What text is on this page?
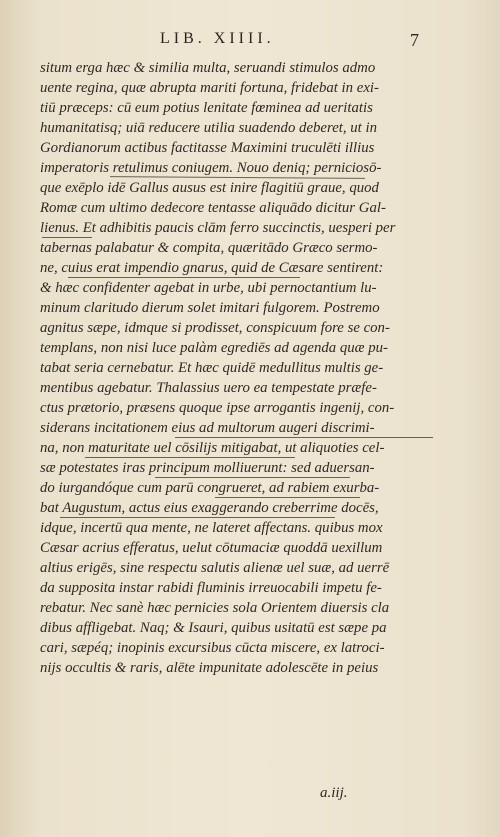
LIB. XIIII.	7
situm erga hæc & similia multa, seruandi stimulos admo
uente regina, quæ abrupta mariti fortuna, fridebat in exi-
tiū præceps: cū eum potius lenitate fœminea ad ueritatis
humanitatisq; uiā reducere utilia suadendo deberet, ut in
Gordianorum actibus factitasse Maximini truculēti illius
imperatoris retulimus coniugem. Nouo deniq; perniciosō-
que exēplo idē Gallus ausus est inire flagitiū graue, quod
Romæ cum ultimo dedecore tentasse aliquādo dicitur Gal-
lienus. Et adhibitis paucis clām ferro succinctis, uesperi per
tabernas palabatur & compita, quæritādo Græco sermo-
ne, cuius erat impendio gnarus, quid de Cæsare sentirent:
& hæc confidenter agebat in urbe, ubi pernoctantium lu-
minum claritudo dierum solet imitari fulgorem. Postremo
agnitus sæpe, idmque si prodisset, conspicuum fore se con-
templans, non nisi luce palàm egrediēs ad agenda quæ pu-
tabat seria cernebatur. Et hæc quidē medullitus multis ge-
mentibus agebatur. Thalassius uero ea tempestate præfe-
ctus prætorio, præsens quoque ipse arrogantis ingenij, con-
siderans incitationem eius ad multorum augeri discrimi-
na, non maturitate uel cōsilijs mitigabat, ut aliquoties cel-
sæ potestates iras principum molliuerunt: sed aduersan-
do iurgandóque cum parū congrueret, ad rabiem exurba-
bat Augustum, actus eius exaggerando creberrime docēs,
idque, incertū qua mente, ne lateret affectans. quibus mox
Cæsar acrius efferatus, uelut cōtumaciæ quoddā uexillum
altius erigēs, sine respectu salutis alienæ uel suæ, ad uerrē
da supposita instar rabidi fluminis irreuocabili impetu fe-
rebatur. Nec sanè hæc pernicies sola Orientem diuersis cla
dibus affligebat. Naq; & Isauri, quibus usitatū est sæpe pa
cari, sæpéq; inopinis excursibus cūcta miscere, ex latroci-
nijs occultis & raris, alēte impunitate adolescēte in peius
a.iij.
